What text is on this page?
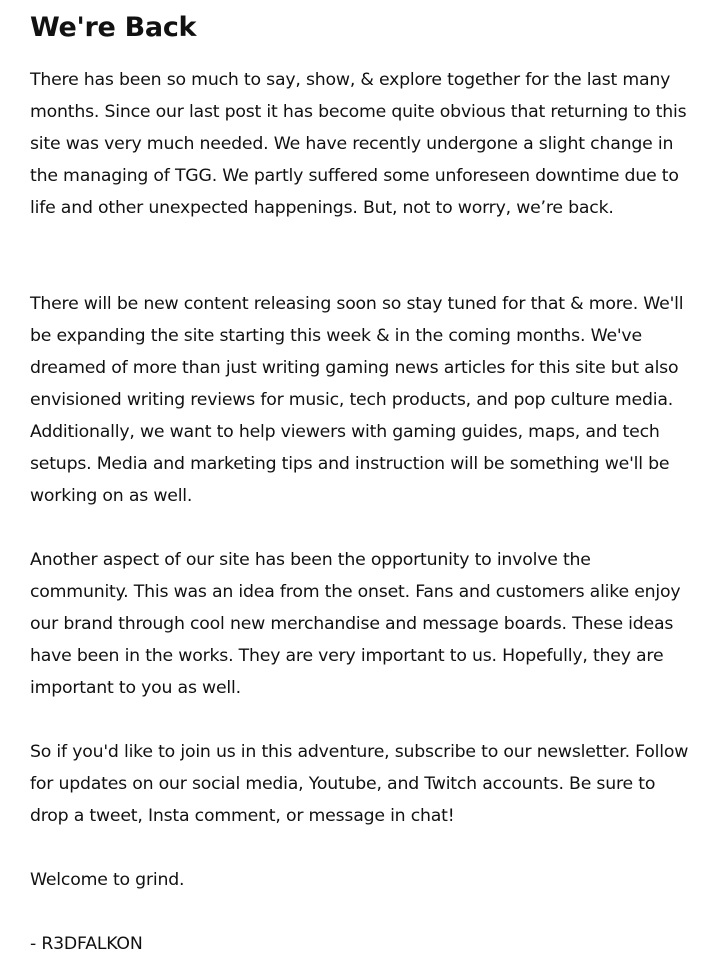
We're Back

There has been so much to say, show, & explore together for the last many months. Since our last post it has become quite obvious that returning to this site was very much needed. We have recently undergone a slight change in the managing of TGG. We partly suffered some unforeseen downtime due to life and other unexpected happenings. But, not to worry, we’re back.

There will be new content releasing soon so stay tuned for that & more. We'll be expanding the site starting this week & in the coming months. We've dreamed of more than just writing gaming news articles for this site but also envisioned writing reviews for music, tech products, and pop culture media. Additionally, we want to help viewers with gaming guides, maps, and tech setups. Media and marketing tips and instruction will be something we'll be working on as well.

Another aspect of our site has been the opportunity to involve the community. This was an idea from the onset. Fans and customers alike enjoy our brand through cool new merchandise and message boards. These ideas have been in the works. They are very important to us. Hopefully, they are important to you as well.

So if you'd like to join us in this adventure, subscribe to our newsletter. Follow for updates on our social media, Youtube, and Twitch accounts. Be sure to drop a tweet, Insta comment, or message in chat!

Welcome to grind.

- R3DFALKON
